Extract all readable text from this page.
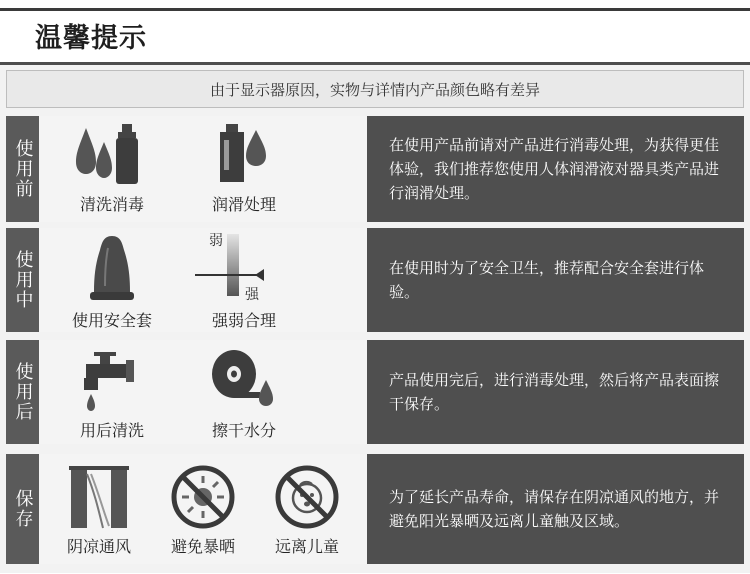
温馨提示
由于显示器原因，实物与详情内产品颜色略有差异
使用前
清洗消毒	润滑处理
在使用产品前请对产品进行消毒处理，为获得更佳体验，我们推荐您使用人体润滑液对器具类产品进行润滑处理。
使用中
使用安全套
弱
强
强弱合理
在使用时为了安全卫生，推荐配合安全套进行体验。
使用后
用后清洗	擦干水分
产品使用完后，进行消毒处理，然后将产品表面擦干保存。
保存
阴凉通风	避免暴晒	远离儿童
为了延长产品寿命，请保存在阴凉通风的地方，并避免阳光暴晒及远离儿童触及区域。
